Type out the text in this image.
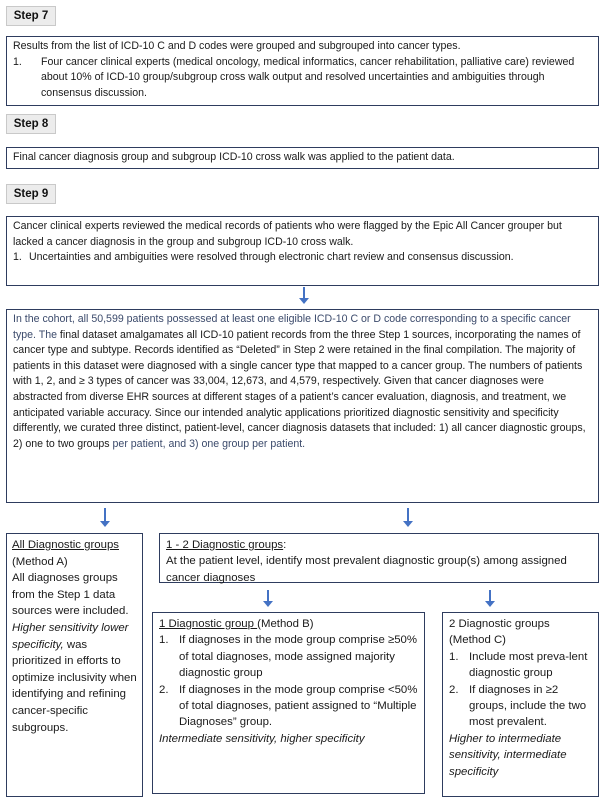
Step 7
Results from the list of ICD-10 C and D codes were grouped and subgrouped into cancer types.
1.	Four cancer clinical experts (medical oncology, medical informatics, cancer rehabilitation, palliative care) reviewed about 10% of ICD-10 group/subgroup cross walk output and resolved uncertainties and ambiguities through consensus discussion.
Step 8
Final cancer diagnosis group and subgroup ICD-10 cross walk was applied to the patient data.
Step 9
Cancer clinical experts reviewed the medical records of patients who were flagged by the Epic All Cancer grouper but lacked a cancer diagnosis in the group and subgroup ICD-10 cross walk.
1. Uncertainties and ambiguities were resolved through electronic chart review and consensus discussion.
In the cohort, all 50,599 patients possessed at least one eligible ICD-10 C or D code corresponding to a specific cancer type. The final dataset amalgamates all ICD-10 patient records from the three Step 1 sources, incorporating the names of cancer type and subtype. Records identified as “Deleted” in Step 2 were retained in the final compilation. The majority of patients in this dataset were diagnosed with a single cancer type that mapped to a cancer group. The numbers of patients with 1, 2, and ≥ 3 types of cancer was 33,004, 12,673, and 4,579, respectively. Given that cancer diagnoses were abstracted from diverse EHR sources at different stages of a patient’s cancer evaluation, diagnosis, and treatment, we anticipated variable accuracy. Since our intended analytic applications prioritized diagnostic sensitivity and specificity differently, we curated three distinct, patient-level, cancer diagnosis datasets that included: 1) all cancer diagnostic groups, 2) one to two groups per patient, and 3) one group per patient.
All Diagnostic groups
(Method A)
All diagnoses groups from the Step 1 data sources were included. Higher sensitivity lower specificity, was prioritized in efforts to optimize inclusivity when identifying and refining cancer-specific subgroups.
1 - 2 Diagnostic groups:
At the patient level, identify most prevalent diagnostic group(s) among assigned cancer diagnoses
1 Diagnostic group (Method B)
1. If diagnoses in the mode group comprise ≥50% of total diagnoses, mode assigned majority diagnostic group
2. If diagnoses in the mode group comprise <50% of total diagnoses, patient assigned to “Multiple Diagnoses” group.
Intermediate sensitivity, higher specificity
2 Diagnostic groups
(Method C)
1. Include most preva-lent diagnostic group
2. If diagnoses in ≥2 groups, include the two most prevalent.
Higher to intermediate sensitivity, intermediate specificity
